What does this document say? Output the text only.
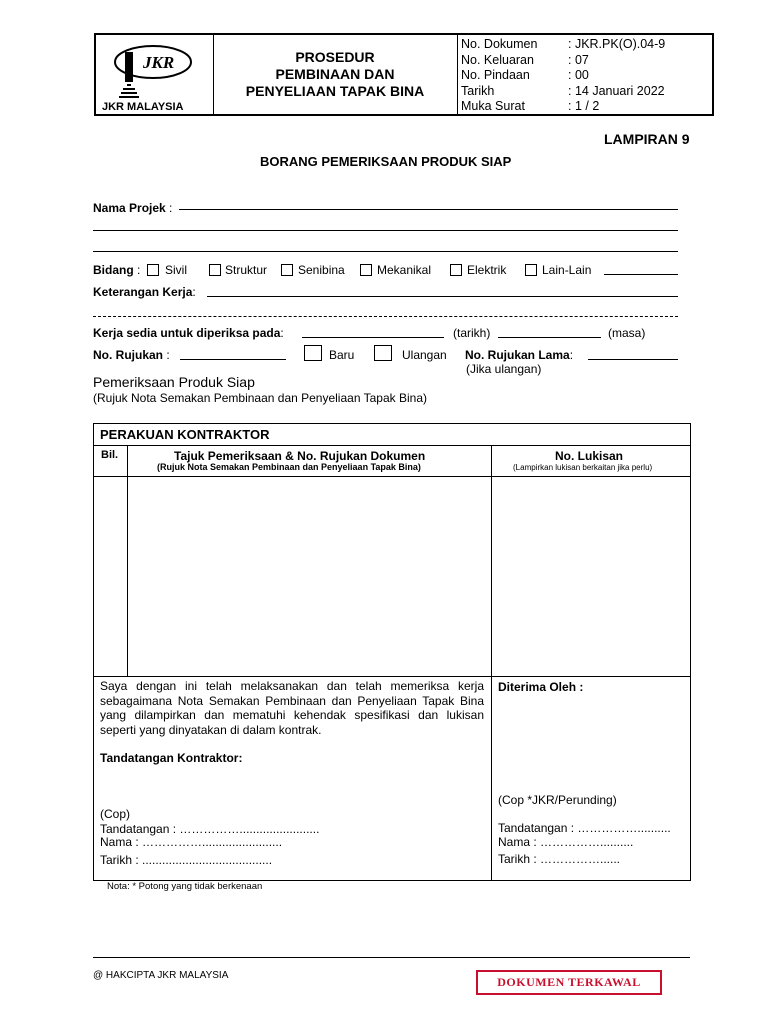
JKR
JKR MALAYSIA
PROSEDUR
PEMBINAAN DAN
PENYELIAAN TAPAK BINA
No. Dokumen : JKR.PK(O).04-9
No. Keluaran	: 07
No. Pindaan	: 00
Tarikh	: 14 Januari 2022
Muka Surat	: 1 / 2
LAMPIRAN 9
BORANG PEMERIKSAAN PRODUK SIAP
Nama Projek :
Bidang : Sivil	Struktur	Senibina	Mekanikal	Elektrik	Lain-Lain
Keterangan Kerja:
Kerja sedia untuk diperiksa pada:	(tarikh)	(masa)
No. Rujukan :	Baru	Ulangan No. Rujukan Lama:
(Jika ulangan)
Pemeriksaan Produk Siap
(Rujuk Nota Semakan Pembinaan dan Penyeliaan Tapak Bina)
PERAKUAN KONTRAKTOR
Bil.	Tajuk Pemeriksaan & No. Rujukan Dokumen
(Rujuk Nota Semakan Pembinaan dan Penyeliaan Tapak Bina)
No. Lukisan
(Lampirkan lukisan berkaitan jika perlu)
Saya dengan ini telah melaksanakan dan telah memeriksa kerja sebagaimana Nota Semakan Pembinaan dan Penyeliaan Tapak Bina yang dilampirkan dan mematuhi kehendak spesifikasi dan lukisan seperti yang dinyatakan di dalam kontrak.
Tandatangan Kontraktor:
(Cop)
Tandatangan : ……………........................
Nama : ……………........................
Tarikh : .......................................
Diterima Oleh :
(Cop *JKR/Perunding)
Tandatangan : ……………..........
Nama : ……………..........
Tarikh : ……………......
Nota: * Potong yang tidak berkenaan
@ HAKCIPTA JKR MALAYSIA	DOKUMEN TERKAWAL
